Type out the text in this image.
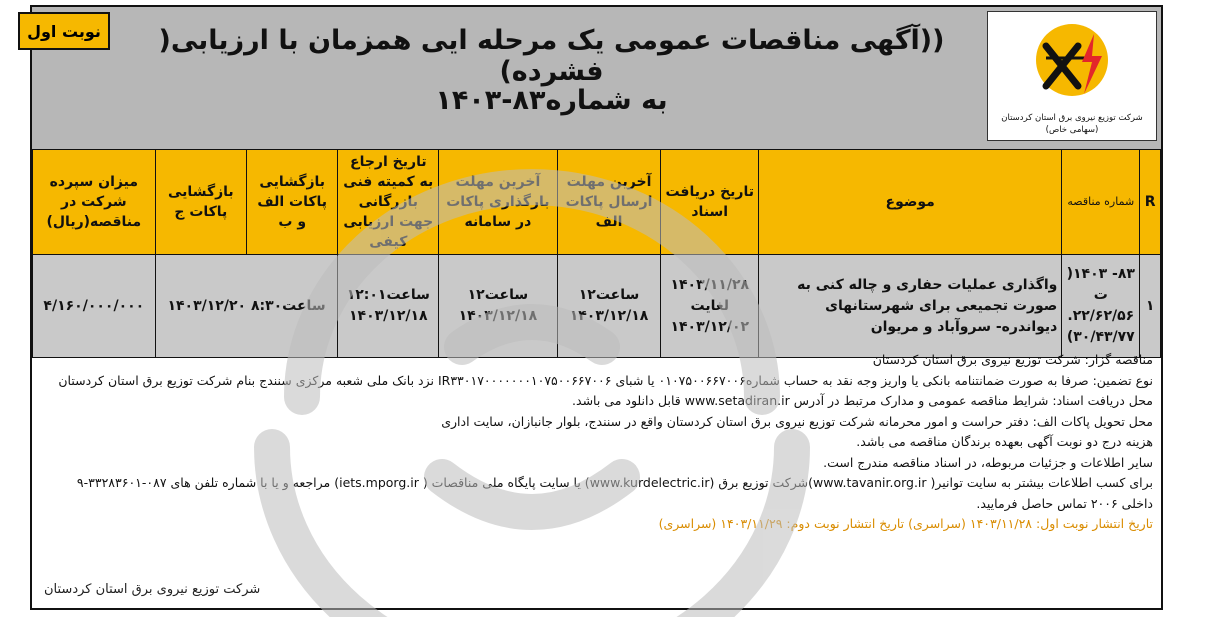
نوبت اول	((آگهی مناقصات عمومی یک مرحله ایی همزمان با ارزیابی( فشرده)
به شماره۸۳-۱۴۰۳
شرکت توزیع نیروی برق استان کردستان
(سهامی خاص)
R	شماره مناقصه	موضوع	تاریخ دریافت اسناد	آخرین مهلت ارسال پاکات الف	آخرین مهلت بارگذاری پاکات در سامانه	تاریخ ارجاع به کمیته فنی بازرگانی جهت ارزیابی کیفی	بازگشایی پاکات الف و ب	بازگشایی پاکات ج	میزان سپرده شرکت در مناقصه(ریال)
۱	۸۳- ۱۴۰۳( ت ۲۲/۶۲/۵۶. ۳۰/۴۳/۷۷)	واگذاری عملیات حفاری و چاله کنی به صورت تجمیعی برای شهرستانهای دیواندره- سروآباد و مریوان	۱۴۰۳/۱۱/۲۸ لغایت ۱۴۰۳/۱۲/۰۲	ساعت۱۲ ۱۴۰۳/۱۲/۱۸	ساعت۱۲ ۱۴۰۳/۱۲/۱۸	ساعت۱۲:۰۱ ۱۴۰۳/۱۲/۱۸	ساعت۸:۳۰ ۱۴۰۳/۱۲/۲۰		۴/۱۶۰/۰۰۰/۰۰۰

مناقصه گزار: شرکت توزیع نیروی برق استان کردستان

نوع تضمین: صرفا به صورت ضمانتنامه بانکی یا واریز وجه نقد به حساب شماره۰۱۰۷۵۰۰۶۶۷۰۰۶ یا شبای IR۳۳۰۱۷۰۰۰۰۰۰۰۱۰۷۵۰۰۶۶۷۰۰۶ نزد بانک ملی شعبه مرکزی سنندج بنام شرکت توزیع برق استان کردستان

محل دریافت اسناد: شرایط مناقصه عمومی و مدارک مرتبط در آدرس www.setadiran.ir قابل دانلود می باشد.

محل تحویل پاکات الف: دفتر حراست و امور محرمانه شرکت توزیع نیروی برق استان کردستان واقع در سنندج، بلوار جانبازان، سایت اداری

هزینه درج دو نوبت آگهی بعهده برندگان مناقصه می باشد.

سایر اطلاعات و جزئیات مربوطه، در اسناد مناقصه مندرج است.

برای کسب اطلاعات بیشتر به سایت توانیر( www.tavanir.org.ir)شرکت توزیع برق (www.kurdelectric.ir) یا سایت پایگاه ملی مناقصات ( iets.mporg.ir) مراجعه و یا با شماره تلفن های ۰۸۷-۳۳۲۸۳۶۰۱-۹ داخلی ۲۰۰۶ تماس حاصل فرمایید.

تاریخ انتشار نوبت اول: ۱۴۰۳/۱۱/۲۸ (سراسری) تاریخ انتشار نوبت دوم: ۱۴۰۳/۱۱/۲۹ (سراسری)

شرکت توزیع نیروی برق استان کردستان
